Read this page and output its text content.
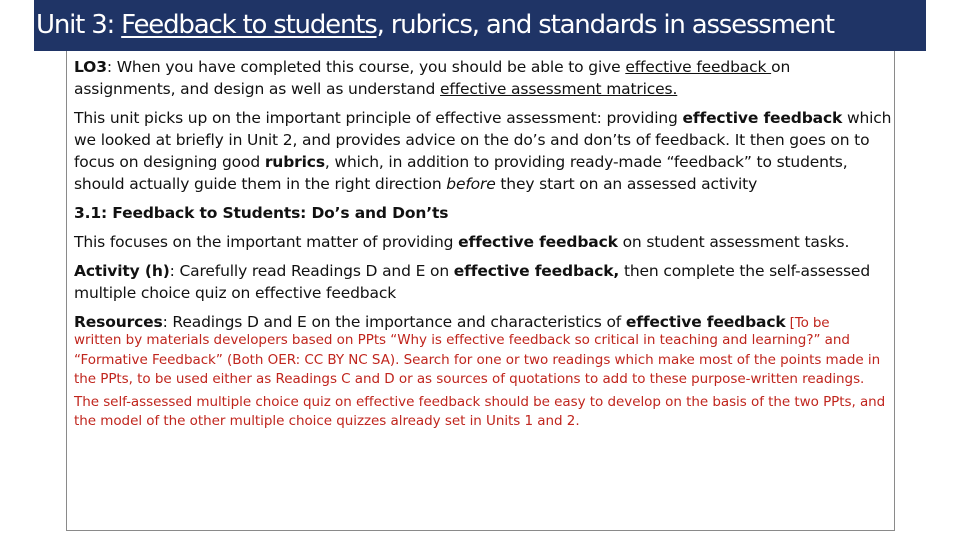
Unit 3: Feedback to students, rubrics, and standards in assessment

LO3: When you have completed this course, you should be able to give effective feedback on assignments, and design as well as understand effective assessment matrices.

This unit picks up on the important principle of effective assessment: providing effective feedback which we looked at briefly in Unit 2, and provides advice on the do’s and don’ts of feedback. It then goes on to focus on designing good rubrics, which, in addition to providing ready-made “feedback” to students, should actually guide them in the right direction before they start on an assessed activity

3.1: Feedback to Students: Do’s and Don’ts

This focuses on the important matter of providing effective feedback on student assessment tasks.

Activity (h): Carefully read Readings D and E on effective feedback, then complete the self-assessed multiple choice quiz on effective feedback

Resources: Readings D and E on the importance and characteristics of effective feedback [To be

written by materials developers based on PPts “Why is effective feedback so critical in teaching and learning?” and “Formative Feedback” (Both OER: CC BY NC SA). Search for one or two readings which make most of the points made in the PPts, to be used either as Readings C and D or as sources of quotations to add to these purpose-written readings.
The self-assessed multiple choice quiz on effective feedback should be easy to develop on the basis of the two PPts, and the model of the other multiple choice quizzes already set in Units 1 and 2.
